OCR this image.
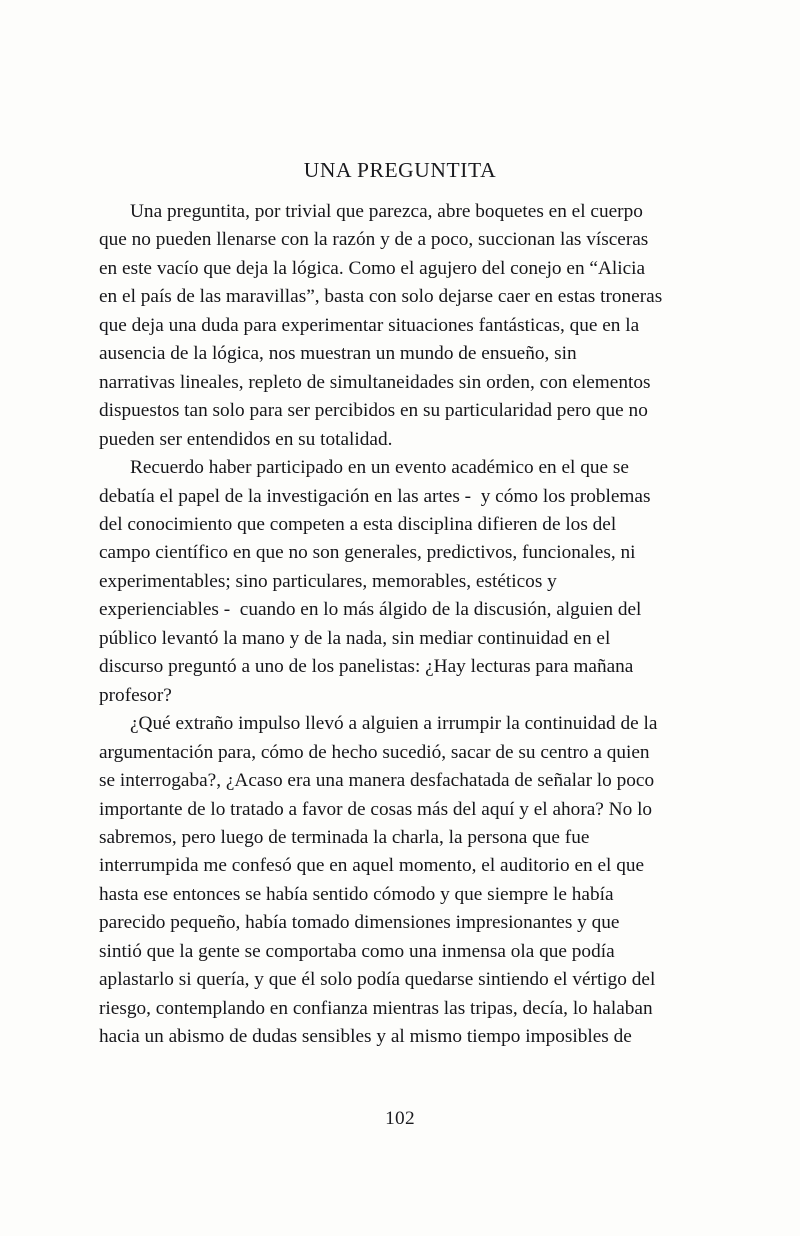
UNA PREGUNTITA

Una preguntita, por trivial que parezca, abre boquetes en el cuerpo
que no pueden llenarse con la razón y de a poco, succionan las vísceras
en este vacío que deja la lógica. Como el agujero del conejo en “Alicia
en el país de las maravillas”, basta con solo dejarse caer en estas troneras
que deja una duda para experimentar situaciones fantásticas, que en la
ausencia de la lógica, nos muestran un mundo de ensueño, sin
narrativas lineales, repleto de simultaneidades sin orden, con elementos
dispuestos tan solo para ser percibidos en su particularidad pero que no
pueden ser entendidos en su totalidad.

Recuerdo haber participado en un evento académico en el que se
debatía el papel de la investigación en las artes -  y cómo los problemas
del conocimiento que competen a esta disciplina difieren de los del
campo científico en que no son generales, predictivos, funcionales, ni
experimentables; sino particulares, memorables, estéticos y
experienciables -  cuando en lo más álgido de la discusión, alguien del
público levantó la mano y de la nada, sin mediar continuidad en el
discurso preguntó a uno de los panelistas: ¿Hay lecturas para mañana
profesor?

¿Qué extraño impulso llevó a alguien a irrumpir la continuidad de la
argumentación para, cómo de hecho sucedió, sacar de su centro a quien
se interrogaba?, ¿Acaso era una manera desfachatada de señalar lo poco
importante de lo tratado a favor de cosas más del aquí y el ahora? No lo
sabremos, pero luego de terminada la charla, la persona que fue
interrumpida me confesó que en aquel momento, el auditorio en el que
hasta ese entonces se había sentido cómodo y que siempre le había
parecido pequeño, había tomado dimensiones impresionantes y que
sintió que la gente se comportaba como una inmensa ola que podía
aplastarlo si quería, y que él solo podía quedarse sintiendo el vértigo del
riesgo, contemplando en confianza mientras las tripas, decía, lo halaban
hacia un abismo de dudas sensibles y al mismo tiempo imposibles de

102
